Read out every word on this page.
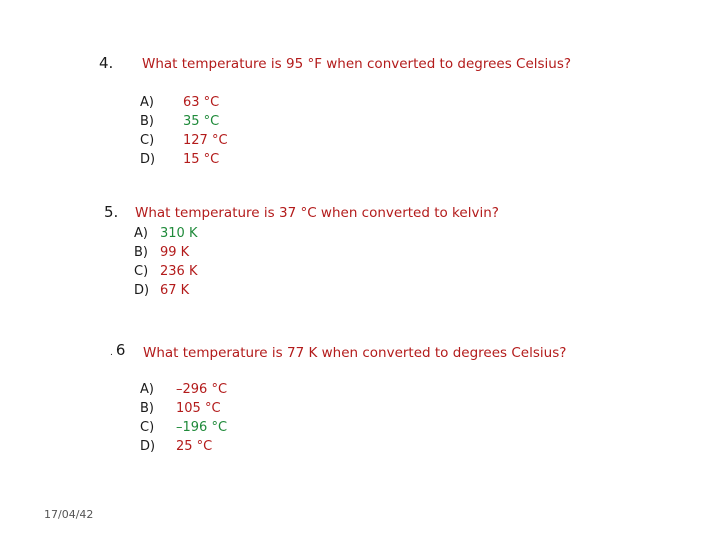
4. What temperature is 95 °F when converted to degrees Celsius?
A)
B)
C)
D)
63 °C
35 °C
127 °C
15 °C
5. What temperature is 37 °C when converted to kelvin?
A)
B)
C)
D)
310 K
99 K
236 K
67 K
. 6 What temperature is 77 K when converted to degrees Celsius?
A)
B)
C)
D)
–296 °C
105 °C
–196 °C
25 °C
17/04/42
